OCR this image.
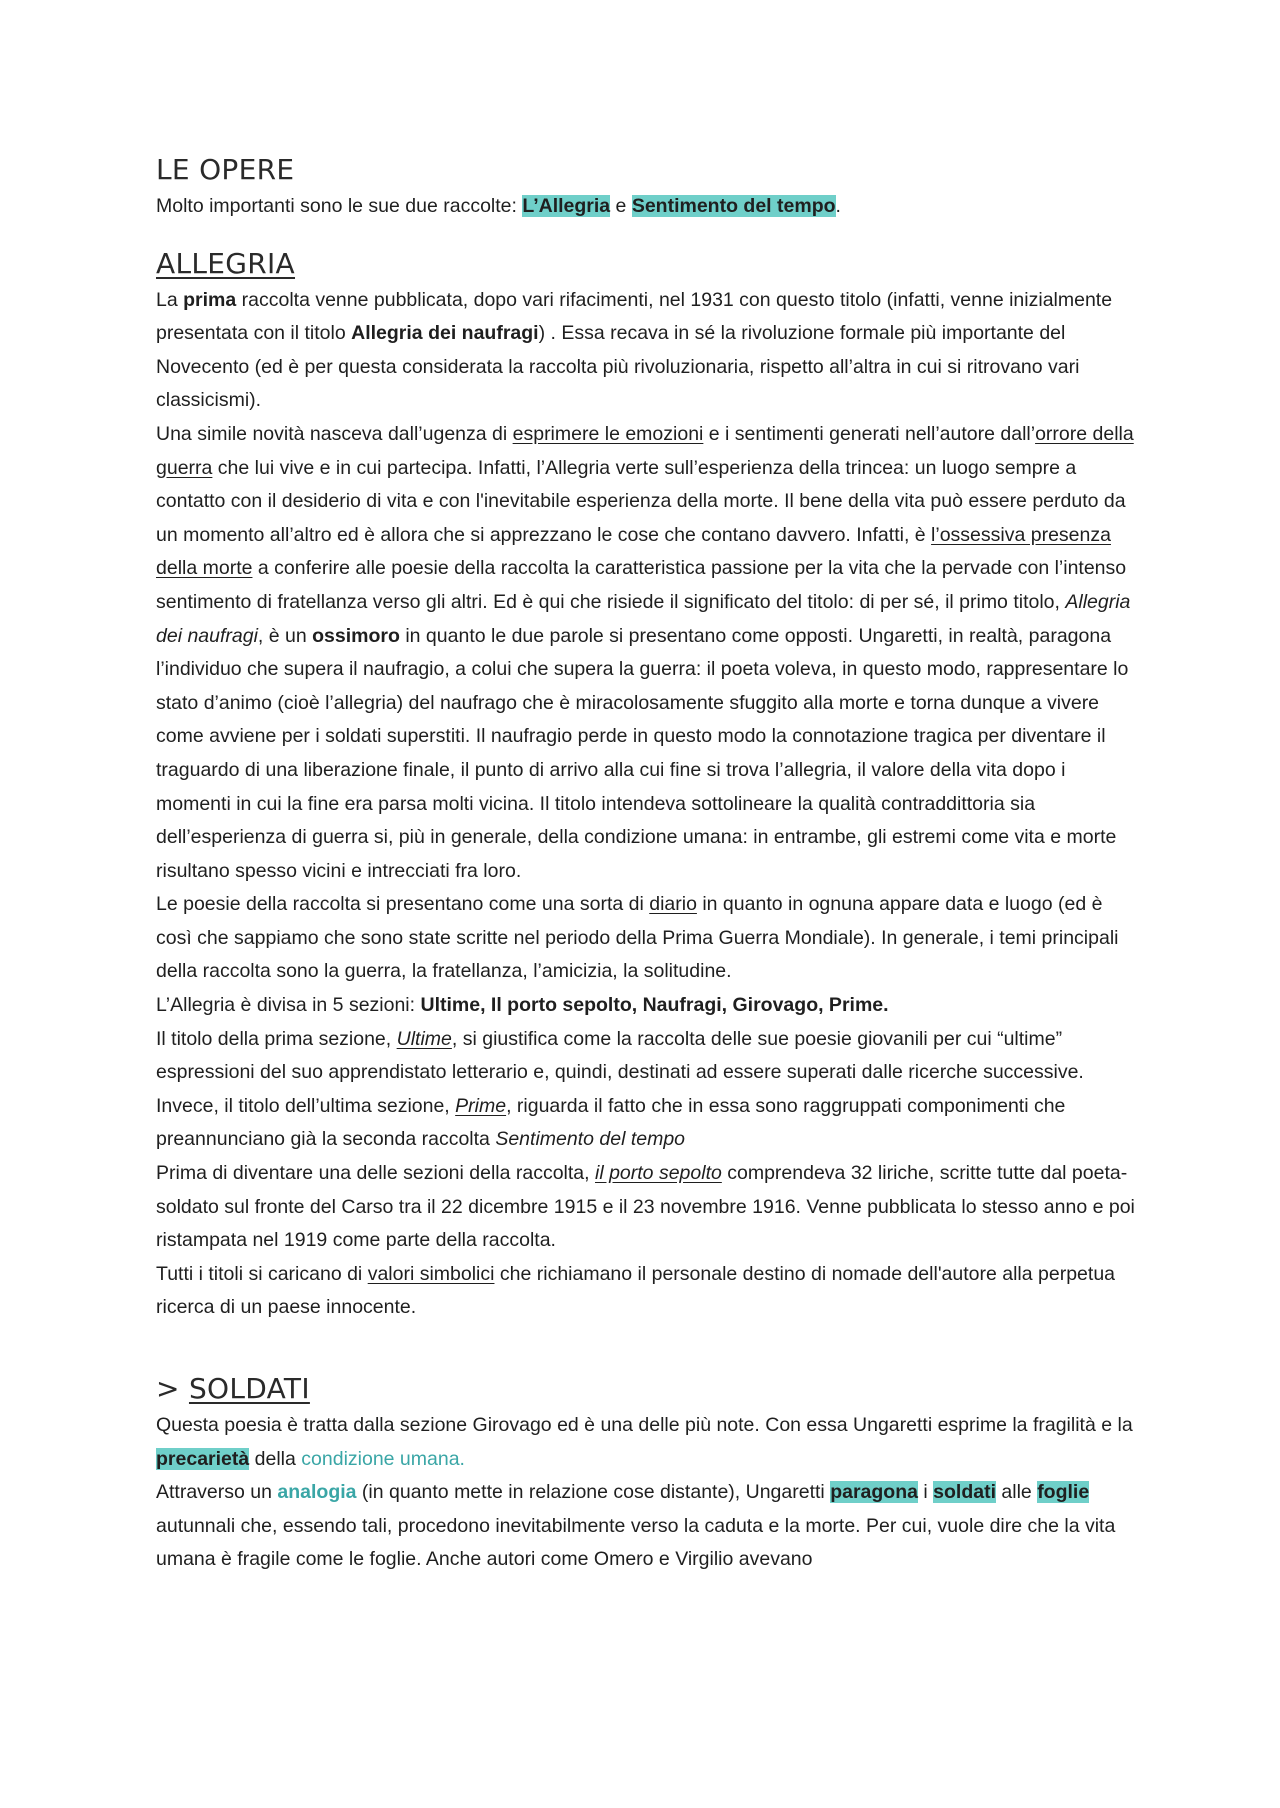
LE OPERE

Molto importanti sono le sue due raccolte: L’Allegria e Sentimento del tempo.

ALLEGRIA

La prima raccolta venne pubblicata, dopo vari rifacimenti, nel 1931 con questo titolo (infatti, venne inizialmente presentata con il titolo Allegria dei naufragi) . Essa recava in sé la rivoluzione formale più importante del Novecento (ed è per questa considerata la raccolta più rivoluzionaria, rispetto all’altra in cui si ritrovano vari classicismi).

Una simile novità nasceva dall’ugenza di esprimere le emozioni e i sentimenti generati nell’autore dall’orrore della guerra che lui vive e in cui partecipa. Infatti, l’Allegria verte sull’esperienza della trincea: un luogo sempre a contatto con il desiderio di vita e con l'inevitabile esperienza della morte. Il bene della vita può essere perduto da un momento all’altro ed è allora che si apprezzano le cose che contano davvero. Infatti, è l’ossessiva presenza della morte a conferire alle poesie della raccolta la caratteristica passione per la vita che la pervade con l’intenso sentimento di fratellanza verso gli altri. Ed è qui che risiede il significato del titolo: di per sé, il primo titolo, Allegria dei naufragi, è un ossimoro in quanto le due parole si presentano come opposti. Ungaretti, in realtà, paragona l’individuo che supera il naufragio, a colui che supera la guerra: il poeta voleva, in questo modo, rappresentare lo stato d’animo (cioè l’allegria) del naufrago che è miracolosamente sfuggito alla morte e torna dunque a vivere come avviene per i soldati superstiti. Il naufragio perde in questo modo la connotazione tragica per diventare il traguardo di una liberazione finale, il punto di arrivo alla cui fine si trova l’allegria, il valore della vita dopo i momenti in cui la fine era parsa molti vicina. Il titolo intendeva sottolineare la qualità contraddittoria sia dell’esperienza di guerra si, più in generale, della condizione umana: in entrambe, gli estremi come vita e morte risultano spesso vicini e intrecciati fra loro.

Le poesie della raccolta si presentano come una sorta di diario in quanto in ognuna appare data e luogo (ed è così che sappiamo che sono state scritte nel periodo della Prima Guerra Mondiale). In generale, i temi principali della raccolta sono la guerra, la fratellanza, l’amicizia, la solitudine.

L’Allegria è divisa in 5 sezioni: Ultime, Il porto sepolto, Naufragi, Girovago, Prime.

Il titolo della prima sezione, Ultime, si giustifica come la raccolta delle sue poesie giovanili per cui “ultime” espressioni del suo apprendistato letterario e, quindi, destinati ad essere superati dalle ricerche successive. Invece, il titolo dell’ultima sezione, Prime, riguarda il fatto che in essa sono raggruppati componimenti che preannunciano già la seconda raccolta Sentimento del tempo

Prima di diventare una delle sezioni della raccolta, il porto sepolto comprendeva 32 liriche, scritte tutte dal poeta-soldato sul fronte del Carso tra il 22 dicembre 1915 e il 23 novembre 1916. Venne pubblicata lo stesso anno e poi ristampata nel 1919 come parte della raccolta.

Tutti i titoli si caricano di valori simbolici che richiamano il personale destino di nomade dell'autore alla perpetua ricerca di un paese innocente.

> SOLDATI

Questa poesia è tratta dalla sezione Girovago ed è una delle più note. Con essa Ungaretti esprime la fragilità e la precarietà della condizione umana.

Attraverso un analogia (in quanto mette in relazione cose distante), Ungaretti paragona i soldati alle foglie autunnali che, essendo tali, procedono inevitabilmente verso la caduta e la morte. Per cui, vuole dire che la vita umana è fragile come le foglie. Anche autori come Omero e Virgilio avevano
